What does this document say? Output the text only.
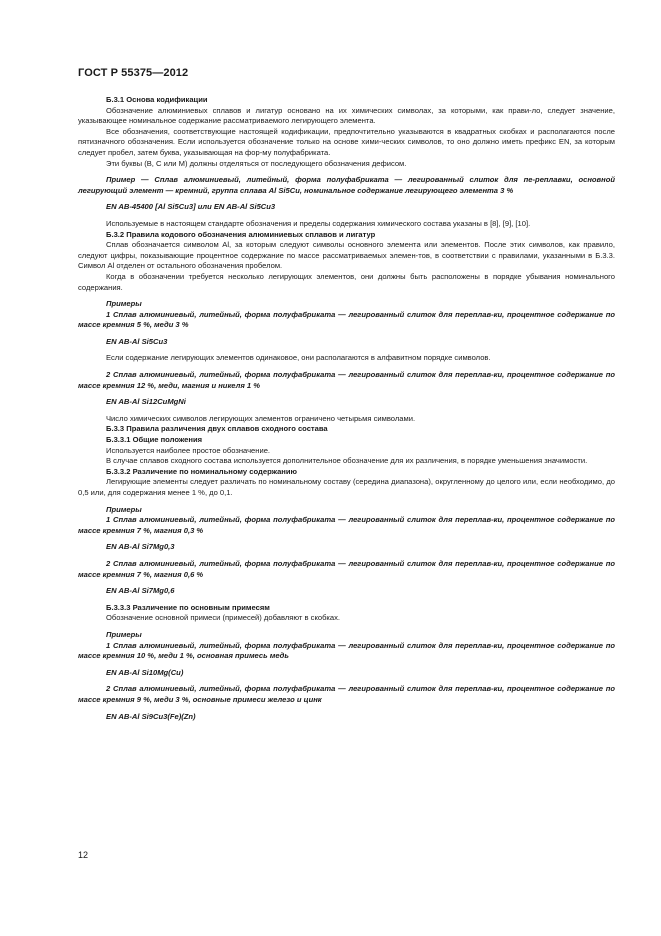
ГОСТ Р 55375—2012
Б.3.1 Основа кодификации
Обозначение алюминиевых сплавов и лигатур основано на их химических символах, за которыми, как прави-ло, следует значение, указывающее номинальное содержание рассматриваемого легирующего элемента.
Все обозначения, соответствующие настоящей кодификации, предпочтительно указываются в квадратных скобках и располагаются после пятизначного обозначения. Если используется обозначение только на основе хими-ческих символов, то оно должно иметь префикс EN, за которым следует пробел, затем буква, указывающая на фор-му полуфабриката.
Эти буквы (B, C или M) должны отделяться от последующего обозначения дефисом.
Пример — Сплав алюминиевый, литейный, форма полуфабриката — легированный слиток для пе-реплавки, основной легирующий элемент — кремний, группа сплава Al Si5Cu, номинальное содержание легирующего элемента 3 %
EN AB-45400 [Al Si5Cu3] или EN AB-Al Si5Cu3
Используемые в настоящем стандарте обозначения и пределы содержания химического состава указаны в [8], [9], [10].
Б.3.2 Правила кодового обозначения алюминиевых сплавов и лигатур
Сплав обозначается символом Al, за которым следуют символы основного элемента или элементов. После этих символов, как правило, следуют цифры, показывающие процентное содержание по массе рассматриваемых элемен-тов, в соответствии с правилами, указанными в Б.3.3. Символ Al отделен от остального обозначения пробелом.
Когда в обозначении требуется несколько легирующих элементов, они должны быть расположены в порядке убывания номинального содержания.
Примеры
1 Сплав алюминиевый, литейный, форма полуфабриката — легированный слиток для переплав-ки, процентное содержание по массе кремния 5 %, меди 3 %
EN AB-Al Si5Cu3
Если содержание легирующих элементов одинаковое, они располагаются в алфавитном порядке символов.
2 Сплав алюминиевый, литейный, форма полуфабриката — легированный слиток для переплав-ки, процентное содержание по массе кремния 12 %, меди, магния и никеля 1 %
EN AB-Al Si12CuMgNi
Число химических символов легирующих элементов ограничено четырьмя символами.
Б.3.3 Правила различения двух сплавов сходного состава
Б.3.3.1 Общие положения
Используется наиболее простое обозначение.
В случае сплавов сходного состава используется дополнительное обозначение для их различения, в порядке уменьшения значимости.
Б.3.3.2 Различение по номинальному содержанию
Легирующие элементы следует различать по номинальному составу (середина диапазона), округленному до целого или, если необходимо, до 0,5 или, для содержания менее 1 %, до 0,1.
Примеры
1 Сплав алюминиевый, литейный, форма полуфабриката — легированный слиток для переплав-ки, процентное содержание по массе кремния 7 %, магния 0,3 %
EN AB-Al Si7Mg0,3
2 Сплав алюминиевый, литейный, форма полуфабриката — легированный слиток для переплав-ки, процентное содержание по массе кремния 7 %, магния 0,6 %
EN AB-Al Si7Mg0,6
Б.3.3.3 Различение по основным примесям
Обозначение основной примеси (примесей) добавляют в скобках.
Примеры
1 Сплав алюминиевый, литейный, форма полуфабриката — легированный слиток для переплав-ки, процентное содержание по массе кремния 10 %, меди 1 %, основная примесь медь
EN AB-Al Si10Mg(Cu)
2 Сплав алюминиевый, литейный, форма полуфабриката — легированный слиток для переплав-ки, процентное содержание по массе кремния 9 %, меди 3 %, основные примеси железо и цинк
EN AB-Al Si9Cu3(Fe)(Zn)
12
